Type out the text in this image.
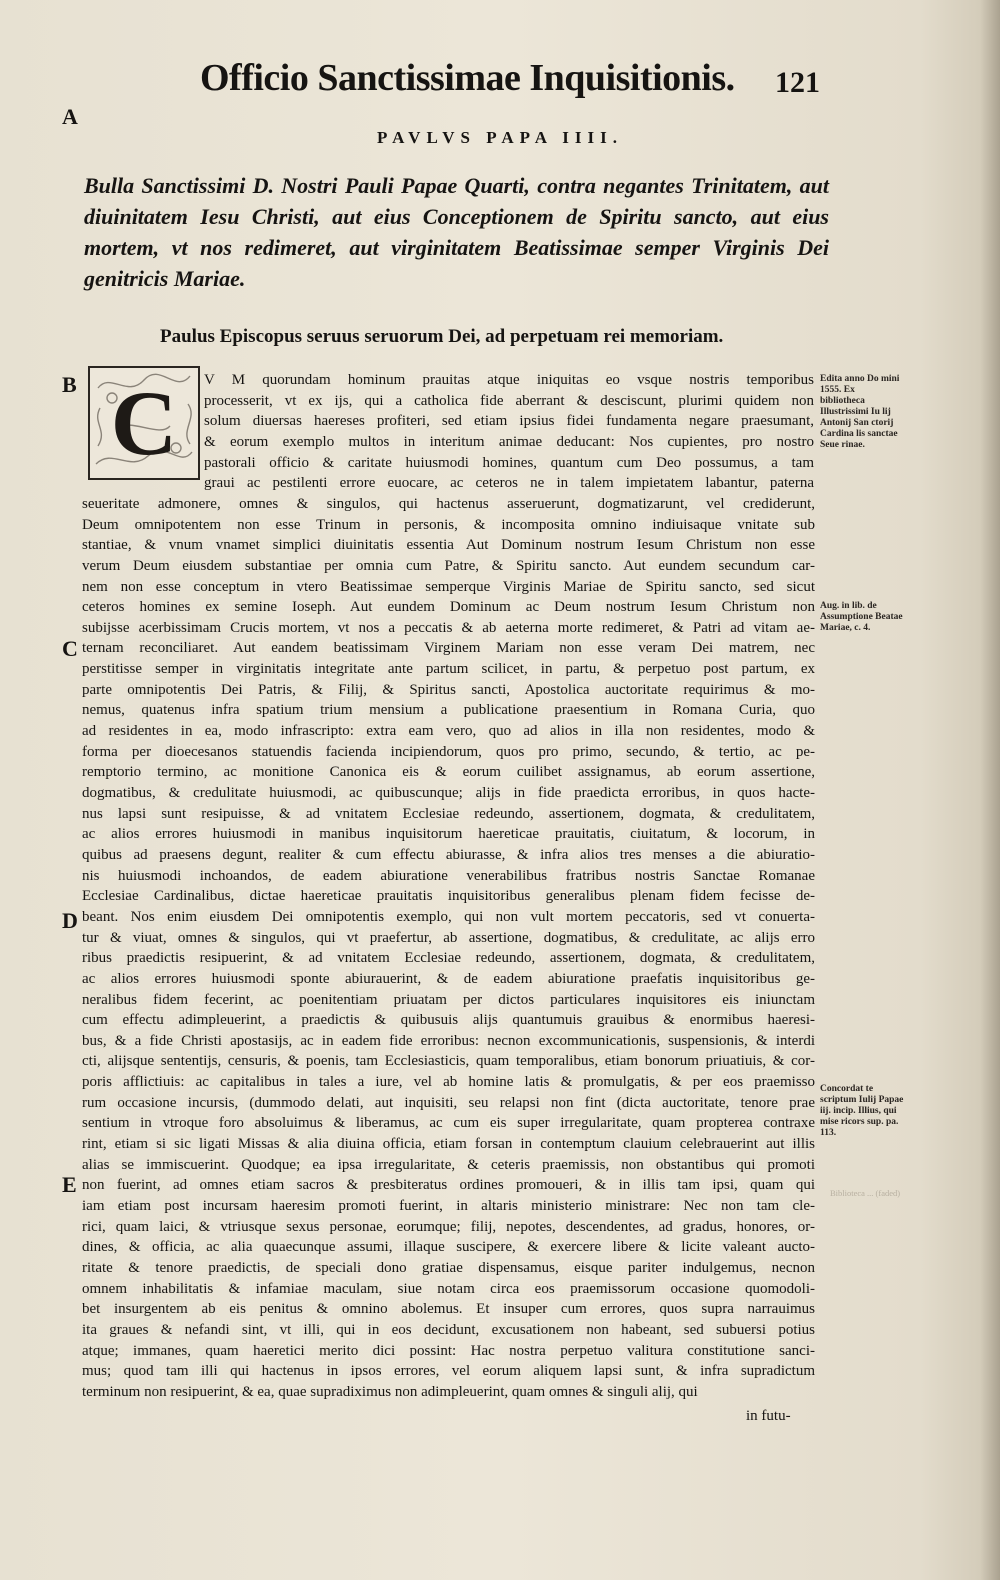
Officio Sanctissimae Inquisitionis. 121
A
B
C
D
E
PAVLVS PAPA IIII.
Bulla Sanctissimi D. Nostri Pauli Papae Quarti, contra negantes Trinitatem, aut diuinitatem Iesu Christi, aut eius Conceptionem de Spiritu sancto, aut eius mortem, vt nos redimeret, aut virginitatem Beatissimae semper Virginis Dei genitricis Mariae.
Paulus Episcopus seruus seruorum Dei, ad perpetuam rei memoriam.
C V M quorundam hominum prauitas atque iniquitas eo vsque nostris temporibus
processerit, vt ex ijs, qui a catholica fide aberrant & desciscunt, plurimi quidem non
solum diuersas haereses profiteri, sed etiam ipsius fidei fundamenta negare praesumant,
& eorum exemplo multos in interitum animae deducant: Nos cupientes, pro nostro
pastorali officio & caritate huiusmodi homines, quantum cum Deo possumus, a tam
graui ac pestilenti errore euocare, ac ceteros ne in talem impietatem labantur, paterna
seueritate admonere, omnes & singulos, qui hactenus asseruerunt, dogmatizarunt, vel crediderunt,
Deum omnipotentem non esse Trinum in personis, & incomposita omnino indiuisaque vnitate sub
stantiae, & vnum vnamet simplici diuinitatis essentia Aut Dominum nostrum Iesum Christum non esse
verum Deum eiusdem substantiae per omnia cum Patre, & Spiritu sancto. Aut eundem secundum car-
nem non esse conceptum in vtero Beatissimae semperque Virginis Mariae de Spiritu sancto, sed sicut
ceteros homines ex semine Ioseph. Aut eundem Dominum ac Deum nostrum Iesum Christum non
subijsse acerbissimam Crucis mortem, vt nos a peccatis & ab aeterna morte redimeret, & Patri ad vitam ae-
ternam reconciliaret. Aut eandem beatissimam Virginem Mariam non esse veram Dei matrem, nec
perstitisse semper in virginitatis integritate ante partum scilicet, in partu, & perpetuo post partum, ex
parte omnipotentis Dei Patris, & Filij, & Spiritus sancti, Apostolica auctoritate requirimus & mo-
nemus, quatenus infra spatium trium mensium a publicatione praesentium in Romana Curia, quo
ad residentes in ea, modo infrascripto: extra eam vero, quo ad alios in illa non residentes, modo &
forma per dioecesanos statuendis facienda incipiendorum, quos pro primo, secundo, & tertio, ac pe-
remptorio termino, ac monitione Canonica eis & eorum cuilibet assignamus, ab eorum assertione,
dogmatibus, & credulitate huiusmodi, ac quibuscunque; alijs in fide praedicta erroribus, in quos hacte-
nus lapsi sunt resipuisse, & ad vnitatem Ecclesiae redeundo, assertionem, dogmata, & credulitatem,
ac alios errores huiusmodi in manibus inquisitorum haereticae prauitatis, ciuitatum, & locorum, in
quibus ad praesens degunt, realiter & cum effectu abiurasse, & infra alios tres menses a die abiuratio-
nis huiusmodi inchoandos, de eadem abiuratione venerabilibus fratribus nostris Sanctae Romanae
Ecclesiae Cardinalibus, dictae haereticae prauitatis inquisitoribus generalibus plenam fidem fecisse de-
beant. Nos enim eiusdem Dei omnipotentis exemplo, qui non vult mortem peccatoris, sed vt conuerta-
tur & viuat, omnes & singulos, qui vt praefertur, ab assertione, dogmatibus, & credulitate, ac alijs erro
ribus praedictis resipuerint, & ad vnitatem Ecclesiae redeundo, assertionem, dogmata, & credulitatem,
ac alios errores huiusmodi sponte abiurauerint, & de eadem abiuratione praefatis inquisitoribus ge-
neralibus fidem fecerint, ac poenitentiam priuatam per dictos particulares inquisitores eis iniunctam
cum effectu adimpleuerint, a praedictis & quibusuis alijs quantumuis grauibus & enormibus haeresi-
bus, & a fide Christi apostasijs, ac in eadem fide erroribus: necnon excommunicationis, suspensionis, & interdi
cti, alijsque sententijs, censuris, & poenis, tam Ecclesiasticis, quam temporalibus, etiam bonorum priuatiuis, & cor-
poris afflictiuis: ac capitalibus in tales a iure, vel ab homine latis & promulgatis, & per eos praemisso
rum occasione incursis, (dummodo delati, aut inquisiti, seu relapsi non fint (dicta auctoritate, tenore prae
sentium in vtroque foro absoluimus & liberamus, ac cum eis super irregularitate, quam propterea contraxe
rint, etiam si sic ligati Missas & alia diuina officia, etiam forsan in contemptum clauium celebrauerint aut illis
alias se immiscuerint. Quodque; ea ipsa irregularitate, & ceteris praemissis, non obstantibus qui promoti
non fuerint, ad omnes etiam sacros & presbiteratus ordines promoueri, & in illis tam ipsi, quam qui
iam etiam post incursam haeresim promoti fuerint, in altaris ministerio ministrare: Nec non tam cle-
rici, quam laici, & vtriusque sexus personae, eorumque; filij, nepotes, descendentes, ad gradus, honores, or-
dines, & officia, ac alia quaecunque assumi, illaque suscipere, & exercere libere & licite valeant aucto-
ritate & tenore praedictis, de speciali dono gratiae dispensamus, eisque pariter indulgemus, necnon
omnem inhabilitatis & infamiae maculam, siue notam circa eos praemissorum occasione quomodoli-
bet insurgentem ab eis penitus & omnino abolemus. Et insuper cum errores, quos supra narrauimus
ita graues & nefandi sint, vt illi, qui in eos decidunt, excusationem non habeant, sed subuersi potius
atque; immanes, quam haeretici merito dici possint: Hac nostra perpetuo valitura constitutione sanci-
mus; quod tam illi qui hactenus in ipsos errores, vel eorum aliquem lapsi sunt, & infra supradictum
terminum non resipuerint, & ea, quae supradiximus non adimpleuerint, quam omnes & singuli alij, qui
Edita anno Do mini 1555. Ex bibliotheca Illustrissimi Iu lij Antonij San ctorij Cardina lis sanctae Seue rinae.
Aug. in lib. de Assumptione Beatae Mariae, c. 4.
Concordat te scriptum Iulij Papae iij. incip. Illius, qui mise ricors sup. pa. 113.
Biblioteca ... (faded)
in futu-
